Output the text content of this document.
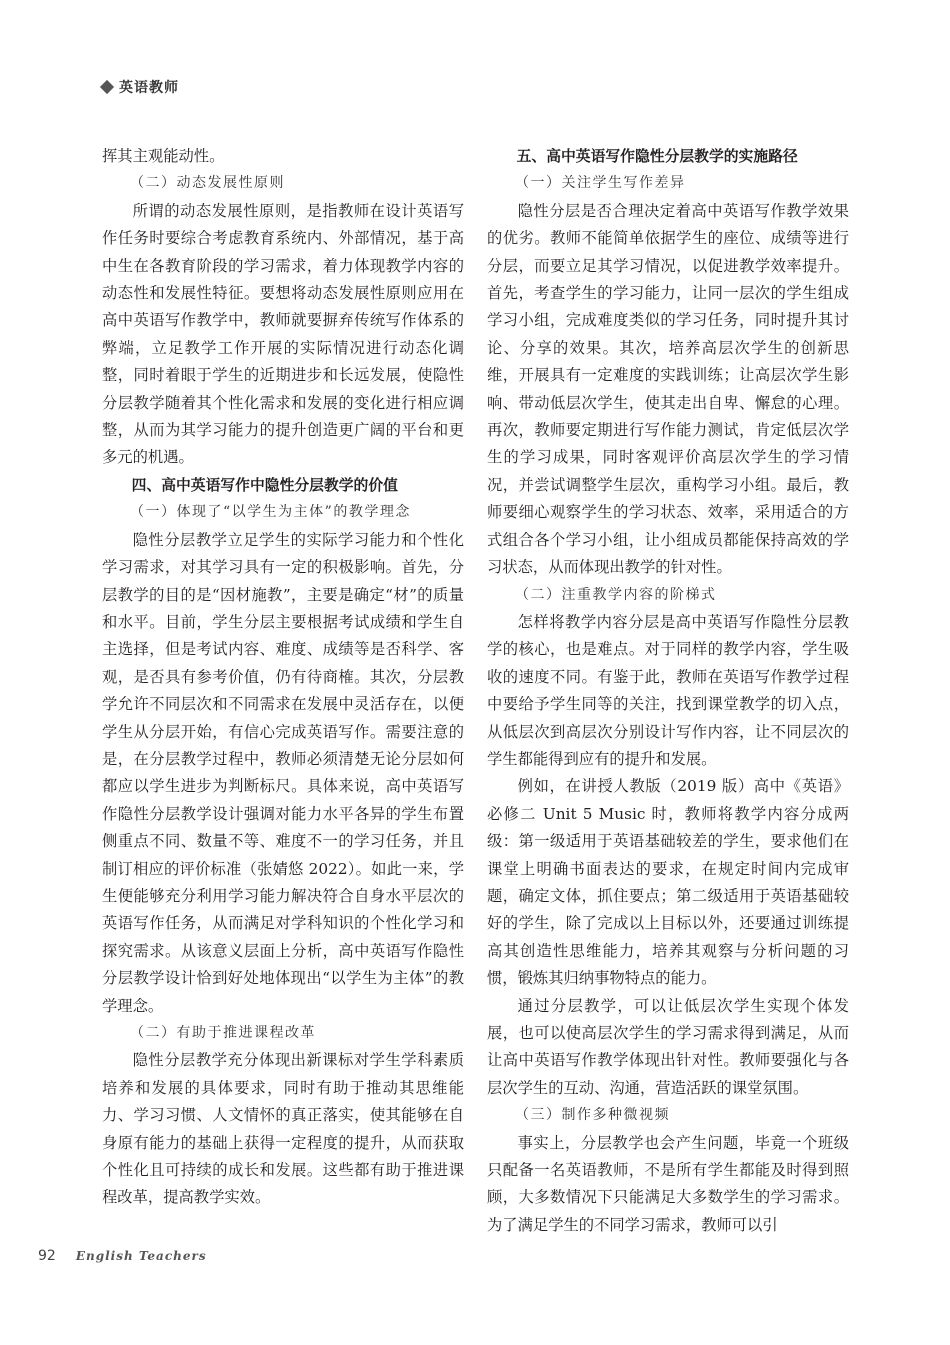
英语教师

挥其主观能动性。

（二）动态发展性原则

所谓的动态发展性原则，是指教师在设计英语写作任务时要综合考虑教育系统内、外部情况，基于高中生在各教育阶段的学习需求，着力体现教学内容的动态性和发展性特征。要想将动态发展性原则应用在高中英语写作教学中，教师就要摒弃传统写作体系的弊端，立足教学工作开展的实际情况进行动态化调整，同时着眼于学生的近期进步和长远发展，使隐性分层教学随着其个性化需求和发展的变化进行相应调整，从而为其学习能力的提升创造更广阔的平台和更多元的机遇。

四、高中英语写作中隐性分层教学的价值

（一）体现了“以学生为主体”的教学理念

隐性分层教学立足学生的实际学习能力和个性化学习需求，对其学习具有一定的积极影响。首先，分层教学的目的是“因材施教”，主要是确定“材”的质量和水平。目前，学生分层主要根据考试成绩和学生自主选择，但是考试内容、难度、成绩等是否科学、客观，是否具有参考价值，仍有待商榷。其次，分层教学允许不同层次和不同需求在发展中灵活存在，以便学生从分层开始，有信心完成英语写作。需要注意的是，在分层教学过程中，教师必须清楚无论分层如何都应以学生进步为判断标尺。具体来说，高中英语写作隐性分层教学设计强调对能力水平各异的学生布置侧重点不同、数量不等、难度不一的学习任务，并且制订相应的评价标准（张婧悠 2022）。如此一来，学生便能够充分利用学习能力解决符合自身水平层次的英语写作任务，从而满足对学科知识的个性化学习和探究需求。从该意义层面上分析，高中英语写作隐性分层教学设计恰到好处地体现出“以学生为主体”的教学理念。

（二）有助于推进课程改革

隐性分层教学充分体现出新课标对学生学科素质培养和发展的具体要求，同时有助于推动其思维能力、学习习惯、人文情怀的真正落实，使其能够在自身原有能力的基础上获得一定程度的提升，从而获取个性化且可持续的成长和发展。这些都有助于推进课程改革，提高教学实效。

五、高中英语写作隐性分层教学的实施路径

（一）关注学生写作差异

隐性分层是否合理决定着高中英语写作教学效果的优劣。教师不能简单依据学生的座位、成绩等进行分层，而要立足其学习情况，以促进教学效率提升。首先，考查学生的学习能力，让同一层次的学生组成学习小组，完成难度类似的学习任务，同时提升其讨论、分享的效果。其次，培养高层次学生的创新思维，开展具有一定难度的实践训练；让高层次学生影响、带动低层次学生，使其走出自卑、懈怠的心理。再次，教师要定期进行写作能力测试，肯定低层次学生的学习成果，同时客观评价高层次学生的学习情况，并尝试调整学生层次，重构学习小组。最后，教师要细心观察学生的学习状态、效率，采用适合的方式组合各个学习小组，让小组成员都能保持高效的学习状态，从而体现出教学的针对性。

（二）注重教学内容的阶梯式

怎样将教学内容分层是高中英语写作隐性分层教学的核心，也是难点。对于同样的教学内容，学生吸收的速度不同。有鉴于此，教师在英语写作教学过程中要给予学生同等的关注，找到课堂教学的切入点，从低层次到高层次分别设计写作内容，让不同层次的学生都能得到应有的提升和发展。

例如，在讲授人教版（2019 版）高中《英语》必修二 Unit 5 Music 时，教师将教学内容分成两级：第一级适用于英语基础较差的学生，要求他们在课堂上明确书面表达的要求，在规定时间内完成审题，确定文体，抓住要点；第二级适用于英语基础较好的学生，除了完成以上目标以外，还要通过训练提高其创造性思维能力，培养其观察与分析问题的习惯，锻炼其归纳事物特点的能力。

通过分层教学，可以让低层次学生实现个体发展，也可以使高层次学生的学习需求得到满足，从而让高中英语写作教学体现出针对性。教师要强化与各层次学生的互动、沟通，营造活跃的课堂氛围。

（三）制作多种微视频

事实上，分层教学也会产生问题，毕竟一个班级只配备一名英语教师，不是所有学生都能及时得到照顾，大多数情况下只能满足大多数学生的学习需求。为了满足学生的不同学习需求，教师可以引

92 English Teachers
